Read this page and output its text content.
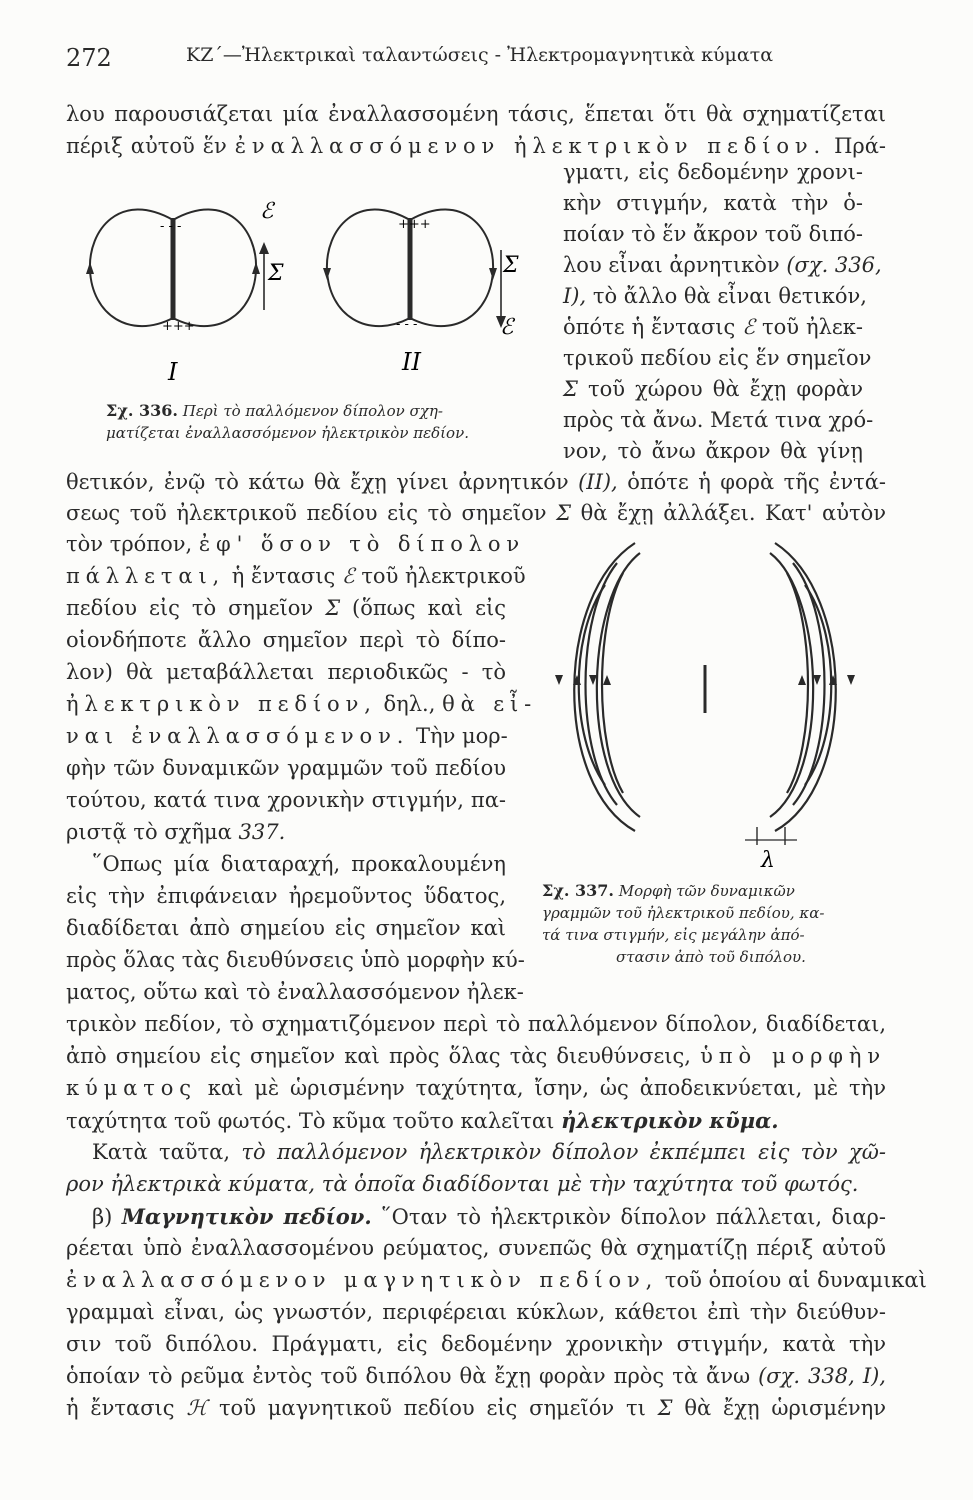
272	ΚΖ΄—Ἠλεκτρικαὶ ταλαντώσεις - Ἠλεκτρομαγνητικὰ κύματα
λου παρουσιάζεται μία ἐναλλασσομένη τάσις, ἕπεται ὅτι θὰ σχηματίζεται
πέριξ αὐτοῦ ἕν ἐναλλασσόμενον ἠλεκτρικὸν πεδίον. Πρά-
γματι, εἰς δεδομένην χρονι-
κὴν στιγμήν, κατὰ τὴν ὁ-
ποίαν τὸ ἕν ἄκρον τοῦ διπό-
λου εἶναι ἀρνητικὸν (σχ. 336,
I), τὸ ἄλλο θὰ εἶναι θετικόν,
ὁπότε ἡ ἔντασις ℰ τοῦ ἠλεκ-
τρικοῦ πεδίου εἰς ἕν σημεῖον
Σ τοῦ χώρου θὰ ἔχῃ φορὰν
πρὸς τὰ ἄνω. Μετά τινα χρό-
νον, τὸ ἄνω ἄκρον θὰ γίνῃ
θετικόν, ἐνῷ τὸ κάτω θὰ ἔχῃ γίνει ἀρνητικόν (II), ὁπότε ἡ φορὰ τῆς ἐντά-
σεως τοῦ ἠλεκτρικοῦ πεδίου εἰς τὸ σημεῖον Σ θὰ ἔχῃ ἀλλάξει. Κατ' αὐτὸν
τὸν τρόπον, ἐφ' ὅσον τὸ δίπολον
πάλλεται, ἡ ἔντασις ℰ τοῦ ἠλεκτρικοῦ
πεδίου εἰς τὸ σημεῖον Σ (ὅπως καὶ εἰς
οἱονδήποτε ἄλλο σημεῖον περὶ τὸ δίπο-
λον) θὰ μεταβάλλεται περιοδικῶς - τὸ
ἠλεκτρικὸν πεδίον, δηλ., θὰ εἶ-
ναι ἐναλλασσόμενον. Τὴν μορ-
φὴν τῶν δυναμικῶν γραμμῶν τοῦ πεδίου
τούτου, κατά τινα χρονικὴν στιγμήν, πα-
ριστᾷ τὸ σχῆμα 337.
῞Οπως μία διαταραχή, προκαλουμένη
εἰς τὴν ἐπιφάνειαν ἠρεμοῦντος ὕδατος,
διαδίδεται ἀπὸ σημείου εἰς σημεῖον καὶ
πρὸς ὅλας τὰς διευθύνσεις ὑπὸ μορφὴν κύ-
ματος, οὕτω καὶ τὸ ἐναλλασσόμενον ἠλεκ-
τρικὸν πεδίον, τὸ σχηματιζόμενον περὶ τὸ παλλόμενον δίπολον, διαδίδεται,
ἀπὸ σημείου εἰς σημεῖον καὶ πρὸς ὅλας τὰς διευθύνσεις, ὑπὸ μορφὴν
κύματος καὶ μὲ ὡρισμένην ταχύτητα, ἴσην, ὡς ἀποδεικνύεται, μὲ τὴν
ταχύτητα τοῦ φωτός. Τὸ κῦμα τοῦτο καλεῖται ἠλεκτρικὸν κῦμα.
Κατὰ ταῦτα, τὸ παλλόμενον ἠλεκτρικὸν δίπολον ἐκπέμπει εἰς τὸν χῶ-
ρον ἠλεκτρικὰ κύματα, τὰ ὁποῖα διαδίδονται μὲ τὴν ταχύτητα τοῦ φωτός.
β) Μαγνητικὸν πεδίον. ῞Οταν τὸ ἠλεκτρικὸν δίπολον πάλλεται, διαρ-
ρέεται ὑπὸ ἐναλλασσομένου ρεύματος, συνεπῶς θὰ σχηματίζῃ πέριξ αὐτοῦ
ἐναλλασσόμενον μαγνητικὸν πεδίον, τοῦ ὁποίου αἱ δυναμικαὶ
γραμμαὶ εἶναι, ὡς γνωστόν, περιφέρειαι κύκλων, κάθετοι ἐπὶ τὴν διεύθυν-
σιν τοῦ διπόλου. Πράγματι, εἰς δεδομένην χρονικὴν στιγμήν, κατὰ τὴν
ὁποίαν τὸ ρεῦμα ἐντὸς τοῦ διπόλου θὰ ἔχῃ φορὰν πρὸς τὰ ἄνω (σχ. 338, I),
ἡ ἔντασις ℋ τοῦ μαγνητικοῦ πεδίου εἰς σημεῖόν τι Σ θὰ ἔχῃ ὡρισμένην
- - -
+++
+++
- - -
ℰ
Σ	Σ
ℰ
I	II
Σχ. 336. Περὶ τὸ παλλόμενον δίπολον σχη-
ματίζεται ἐναλλασσόμενον ἠλεκτρικὸν πεδίον.
λ
Σχ. 337. Μορφὴ τῶν δυναμικῶν
γραμμῶν τοῦ ἠλεκτρικοῦ πεδίου, κα-
τά τινα στιγμήν, εἰς μεγάλην ἀπό-
στασιν ἀπὸ τοῦ διπόλου.
